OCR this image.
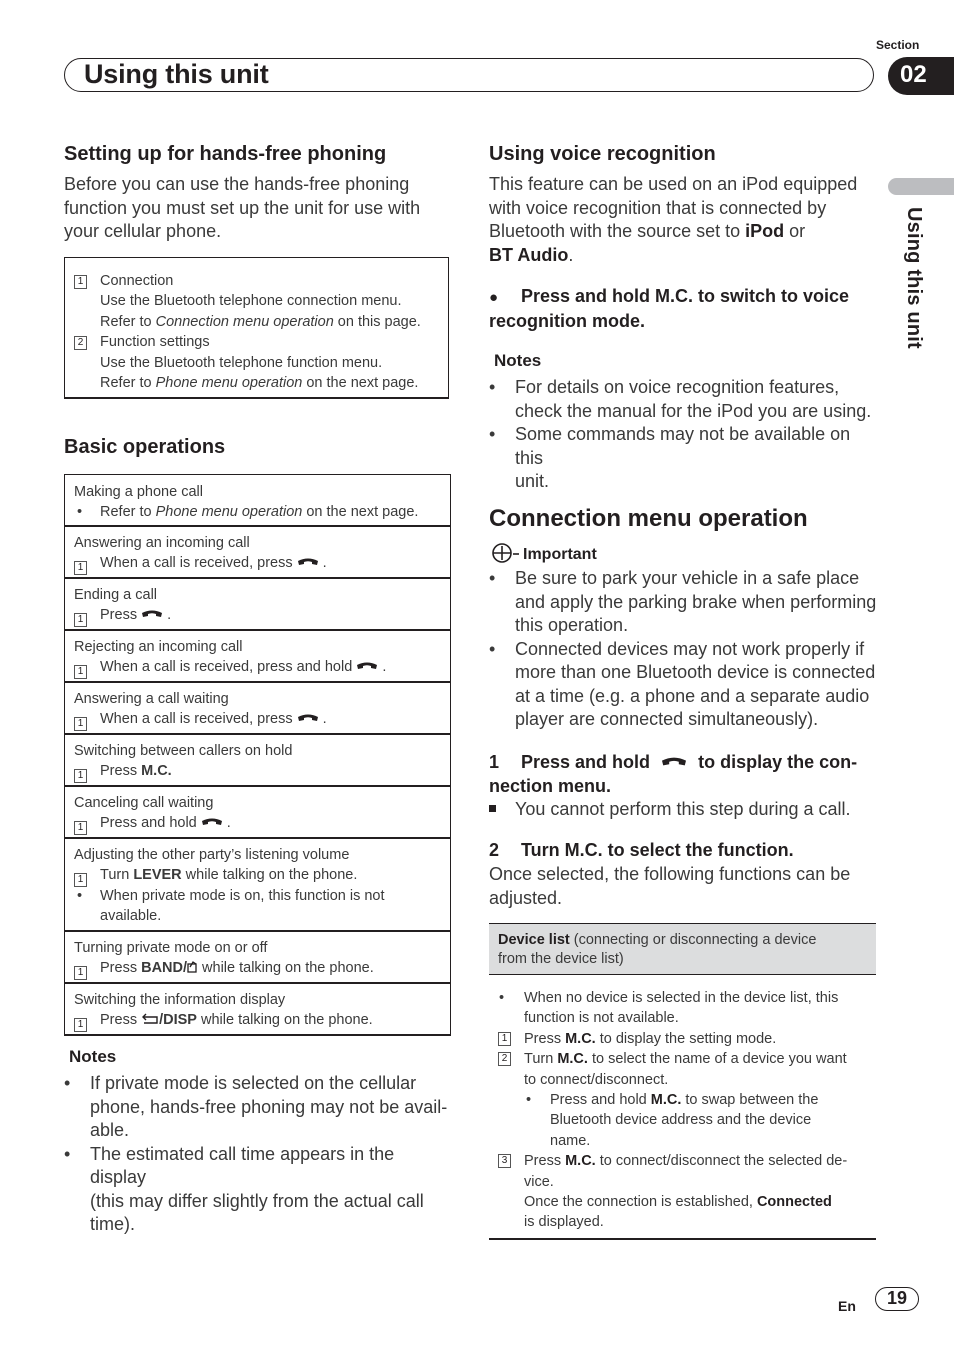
Section
Using this unit	02
Using this unit
Setting up for hands-free phoning
Before you can use the hands-free phoning
function you must set up the unit for use with
your cellular phone.
1 Connection
Use the Bluetooth telephone connection menu.
Refer to Connection menu operation on this page.
2 Function settings
Use the Bluetooth telephone function menu.
Refer to Phone menu operation on the next page.
Basic operations
Making a phone call
• Refer to Phone menu operation on the next page.
Answering an incoming call
1 When a call is received, press .
Ending a call
1 Press .
Rejecting an incoming call
1 When a call is received, press and hold .
Answering a call waiting
1 When a call is received, press .
Switching between callers on hold
1 Press M.C.
Canceling call waiting
1 Press and hold .
Adjusting the other party’s listening volume
1 Turn LEVER while talking on the phone.
• When private mode is on, this function is not
available.
Turning private mode on or off
1 Press BAND/ while talking on the phone.
Switching the information display
1 Press /DISP while talking on the phone.
Notes
• If private mode is selected on the cellular
phone, hands-free phoning may not be avail-
able.
• The estimated call time appears in the display
(this may differ slightly from the actual call
time).
Using voice recognition
This feature can be used on an iPod equipped
with voice recognition that is connected by
Bluetooth with the source set to iPod or
BT Audio.
● Press and hold M.C. to switch to voice
recognition mode.
Notes
• For details on voice recognition features,
check the manual for the iPod you are using.
• Some commands may not be available on this
unit.
Connection menu operation
Important
• Be sure to park your vehicle in a safe place
and apply the parking brake when performing
this operation.
• Connected devices may not work properly if
more than one Bluetooth device is connected
at a time (e.g. a phone and a separate audio
player are connected simultaneously).
1 Press and hold	to display the con-
nection menu.
You cannot perform this step during a call.
2 Turn M.C. to select the function.
Once selected, the following functions can be
adjusted.
Device list (connecting or disconnecting a device
from the device list)
• When no device is selected in the device list, this
function is not available.
1 Press M.C. to display the setting mode.
2 Turn M.C. to select the name of a device you want
to connect/disconnect.
• Press and hold M.C. to swap between the
Bluetooth device address and the device
name.
3 Press M.C. to connect/disconnect the selected de-
vice.
Once the connection is established, Connected
is displayed.
En	19
